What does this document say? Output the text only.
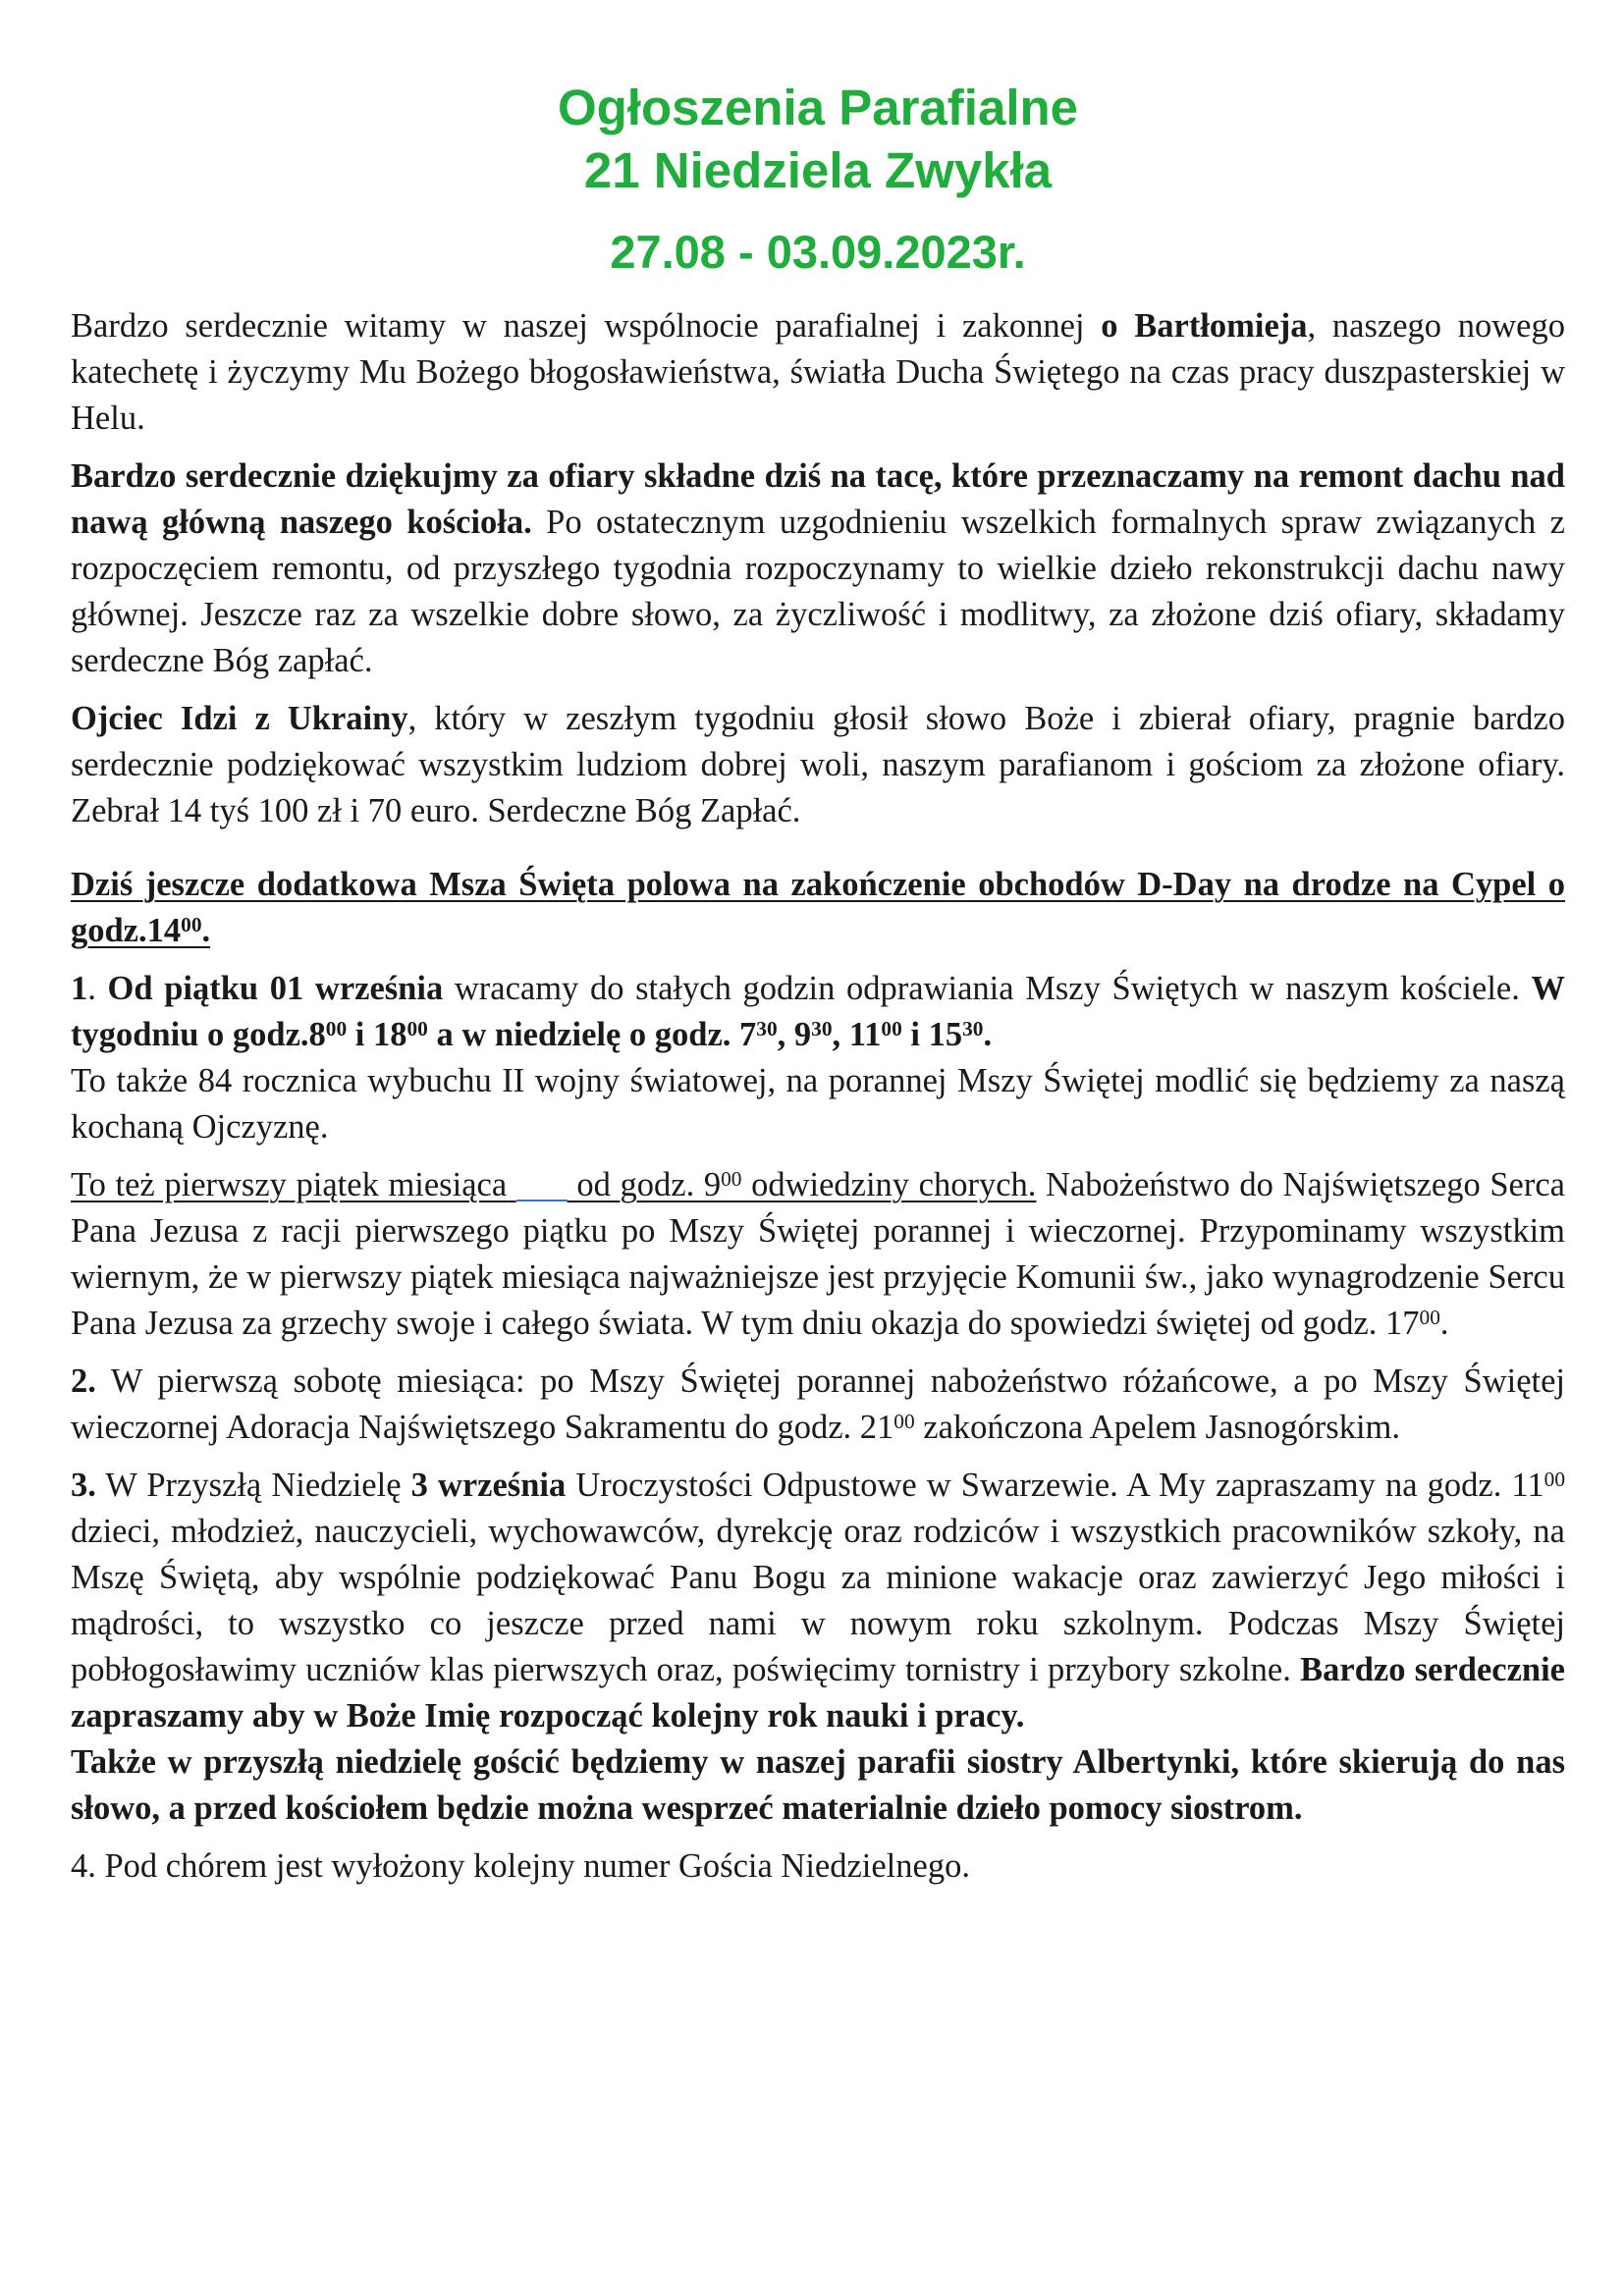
Ogłoszenia Parafialne
21 Niedziela Zwykła
27.08 - 03.09.2023r.

Bardzo serdecznie witamy w naszej wspólnocie parafialnej i zakonnej o Bartłomieja, naszego nowego katechetę i życzymy Mu Bożego błogosławieństwa, światła Ducha Świętego na czas pracy duszpasterskiej w Helu.

Bardzo serdecznie dziękujmy za ofiary składne dziś na tacę, które przeznaczamy na remont dachu nad nawą główną naszego kościoła. Po ostatecznym uzgodnieniu wszelkich formalnych spraw związanych z rozpoczęciem remontu, od przyszłego tygodnia rozpoczynamy to wielkie dzieło rekonstrukcji dachu nawy głównej. Jeszcze raz za wszelkie dobre słowo, za życzliwość i modlitwy, za złożone dziś ofiary, składamy serdeczne Bóg zapłać.

Ojciec Idzi z Ukrainy, który w zeszłym tygodniu głosił słowo Boże i zbierał ofiary, pragnie bardzo serdecznie podziękować wszystkim ludziom dobrej woli, naszym parafianom i gościom za złożone ofiary. Zebrał 14 tyś 100 zł i 70 euro. Serdeczne Bóg Zapłać.

Dziś jeszcze dodatkowa Msza Święta polowa na zakończenie obchodów D-Day na drodze na Cypel o $godz.14^{00}$.

1. Od piątku 01 września wracamy do stałych godzin odprawiania Mszy Świętych w naszym kościele. W tygodniu o $godz.8^{00}$ i $18^{00}$ a w niedzielę o godz. $7^{30}$, $9^{30}$, $11^{00}$ i $15^{30}$.

To także 84 rocznica wybuchu II wojny światowej, na porannej Mszy Świętej modlić się będziemy za naszą kochaną Ojczyznę.

To też pierwszy piątek miesiąca od godz. $9^{00}$ odwiedziny chorych. Nabożeństwo do Najświętszego Serca Pana Jezusa z racji pierwszego piątku po Mszy Świętej porannej i wieczornej. Przypominamy wszystkim wiernym, że w pierwszy piątek miesiąca najważniejsze jest przyjęcie Komunii św., jako wynagrodzenie Sercu Pana Jezusa za grzechy swoje i całego świata. W tym dniu okazja do spowiedzi świętej od godz. $17^{00}$.

2. W pierwszą sobotę miesiąca: po Mszy Świętej porannej nabożeństwo różańcowe, a po Mszy Świętej wieczornej Adoracja Najświętszego Sakramentu do godz. $21^{00}$ zakończona Apelem Jasnogórskim.

3. W Przyszłą Niedzielę 3 września Uroczystości Odpustowe w Swarzewie. A My zapraszamy na godz. $11^{00}$ dzieci, młodzież, nauczycieli, wychowawców, dyrekcję oraz rodziców i wszystkich pracowników szkoły, na Mszę Świętą, aby wspólnie podziękować Panu Bogu za minione wakacje oraz zawierzyć Jego miłości i mądrości, to wszystko co jeszcze przed nami w nowym roku szkolnym. Podczas Mszy Świętej pobłogosławimy uczniów klas pierwszych oraz, poświęcimy tornistry i przybory szkolne. Bardzo serdecznie zapraszamy aby w Boże Imię rozpocząć kolejny rok nauki i pracy.

Także w przyszłą niedzielę gościć będziemy w naszej parafii siostry Albertynki, które skierują do nas słowo, a przed kościołem będzie można wesprzeć materialnie dzieło pomocy siostrom.

4. Pod chórem jest wyłożony kolejny numer Gościa Niedzielnego.
